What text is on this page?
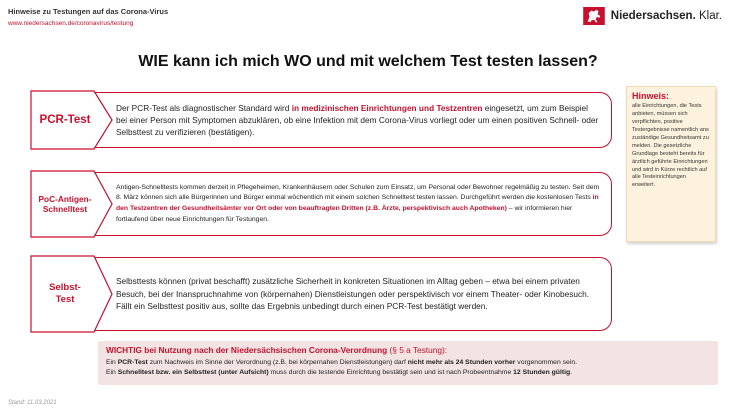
Hinweise zu Testungen auf das Corona-Virus
www.niedersachsen.de/coronavirus/testung
Niedersachsen. Klar.
WIE kann ich mich WO und mit welchem Test testen lassen?

Der PCR-Test als diagnostischer Standard wird in medizinischen Einrichtungen und Testzentren eingesetzt, um zum Beispiel bei einer Person mit Symptomen abzuklären, ob eine Infektion mit dem Corona-Virus vorliegt oder um einen positiven Schnell- oder Selbsttest zu verifizieren (bestätigen).

PCR-Test

Antigen-Schnelltests kommen derzeit in Pflegeheimen, Krankenhäusern oder Schulen zum Einsatz, um Personal oder Bewohner regelmäßig zu testen. Seit dem 8. März können sich alle Bürgerinnen und Bürger einmal wöchentlich mit einem solchen Schnelltest testen lassen. Durchgeführt werden die kostenlosen Tests in den Testzentren der Gesundheitsämter vor Ort oder von beauftragten Dritten (z.B. Ärzte, perspektivisch auch Apotheken) – wir informieren hier fortlaufend über neue Einrichtungen für Testungen.

PoC-Antigen-
Schnelltest

Selbsttests können (privat beschafft) zusätzliche Sicherheit in konkreten Situationen im Alltag geben – etwa bei einem privaten Besuch, bei der Inanspruchnahme von (körpernahen) Dienstleistungen oder perspektivisch vor einem Theater- oder Kinobesuch. Fällt ein Selbsttest positiv aus, sollte das Ergebnis unbedingt durch einen PCR-Test bestätigt werden.

Selbst-
Test
Hinweis:
alle Einrichtungen, die Tests anbieten, müssen sich verpflichten, positive Testergebnisse namentlich ans zuständige Gesundheitsamt zu melden. Die gesetzliche Grundlage besteht bereits für ärztlich geführte Einrichtungen und wird in Kürze rechtlich auf alle Testeinrichtungen erweitert.
WICHTIG bei Nutzung nach der Niedersächsischen Corona-Verordnung (§ 5 a Testung):
Ein PCR-Test zum Nachweis im Sinne der Verordnung (z.B. bei körpernahen Dienstleistungen) darf nicht mehr als 24 Stunden vorher vorgenommen sein.
Ein Schnelltest bzw. ein Selbsttest (unter Aufsicht) muss durch die testende Einrichtung bestätigt sein und ist nach Probeentnahme 12 Stunden gültig.
Stand: 11.03.2021
